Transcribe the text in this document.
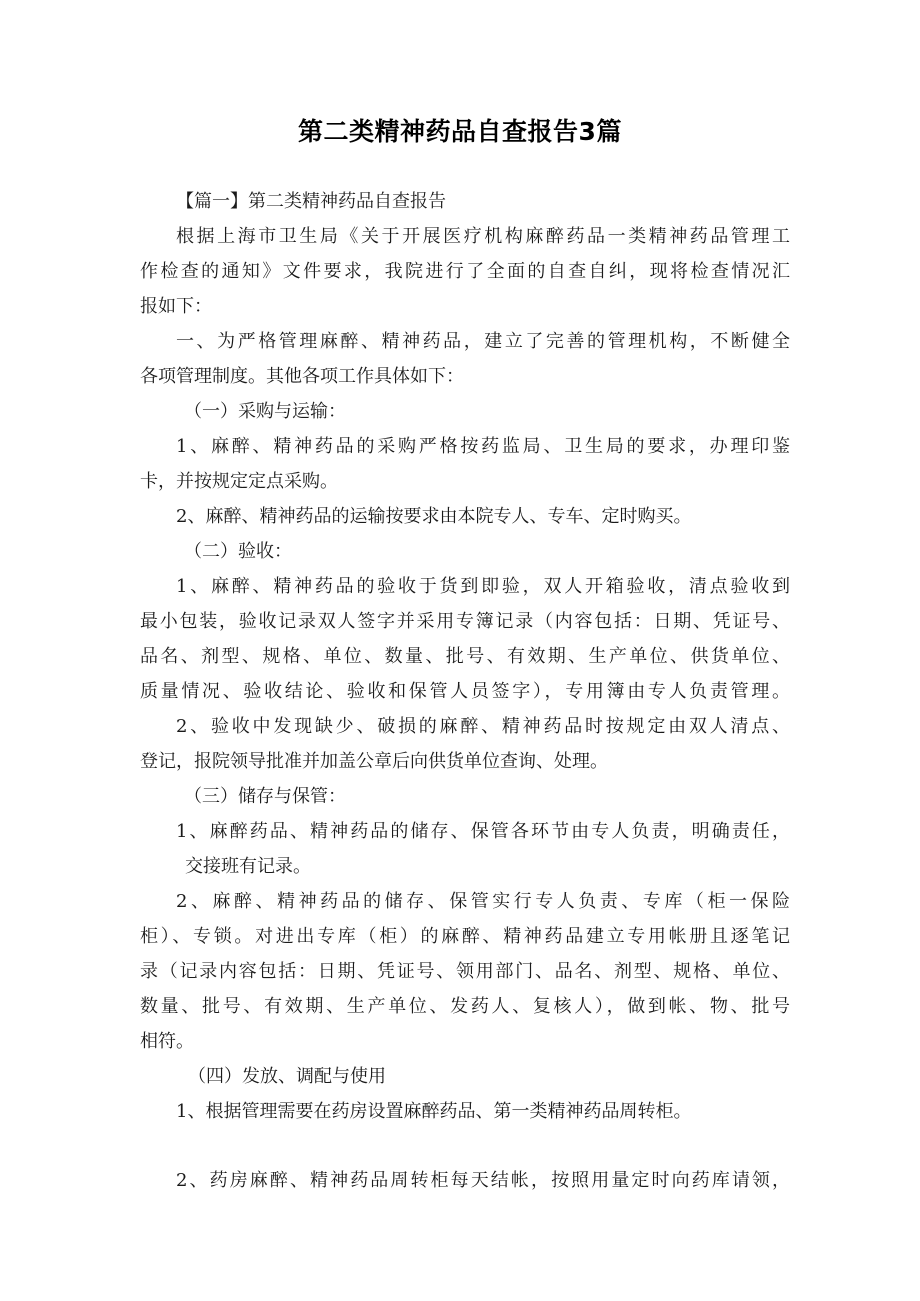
第二类精神药品自查报告3篇
【篇一】第二类精神药品自查报告
根据上海市卫生局《关于开展医疗机构麻醉药品一类精神药品管理工
作检查的通知》文件要求，我院进行了全面的自查自纠，现将检查情况汇
报如下：
一、为严格管理麻醉、精神药品，建立了完善的管理机构，不断健全
各项管理制度。其他各项工作具体如下：
（一）采购与运输：
1、麻醉、精神药品的采购严格按药监局、卫生局的要求，办理印鉴
卡，并按规定定点采购。
2、麻醉、精神药品的运输按要求由本院专人、专车、定时购买。
（二）验收：
1、麻醉、精神药品的验收于货到即验，双人开箱验收，清点验收到
最小包装，验收记录双人签字并采用专簿记录（内容包括：日期、凭证号、
品名、剂型、规格、单位、数量、批号、有效期、生产单位、供货单位、
质量情况、验收结论、验收和保管人员签字），专用簿由专人负责管理。
2、验收中发现缺少、破损的麻醉、精神药品时按规定由双人清点、
登记，报院领导批准并加盖公章后向供货单位查询、处理。
（三）储存与保管：
1、麻醉药品、精神药品的储存、保管各环节由专人负责，明确责任，
交接班有记录。
2、麻醉、精神药品的储存、保管实行专人负责、专库（柜一保险
柜）、专锁。对进出专库（柜）的麻醉、精神药品建立专用帐册且逐笔记
录（记录内容包括：日期、凭证号、领用部门、品名、剂型、规格、单位、
数量、批号、有效期、生产单位、发药人、复核人），做到帐、物、批号
相符。
（四）发放、调配与使用
1、根据管理需要在药房设置麻醉药品、第一类精神药品周转柜。
2、药房麻醉、精神药品周转柜每天结帐，按照用量定时向药库请领，
